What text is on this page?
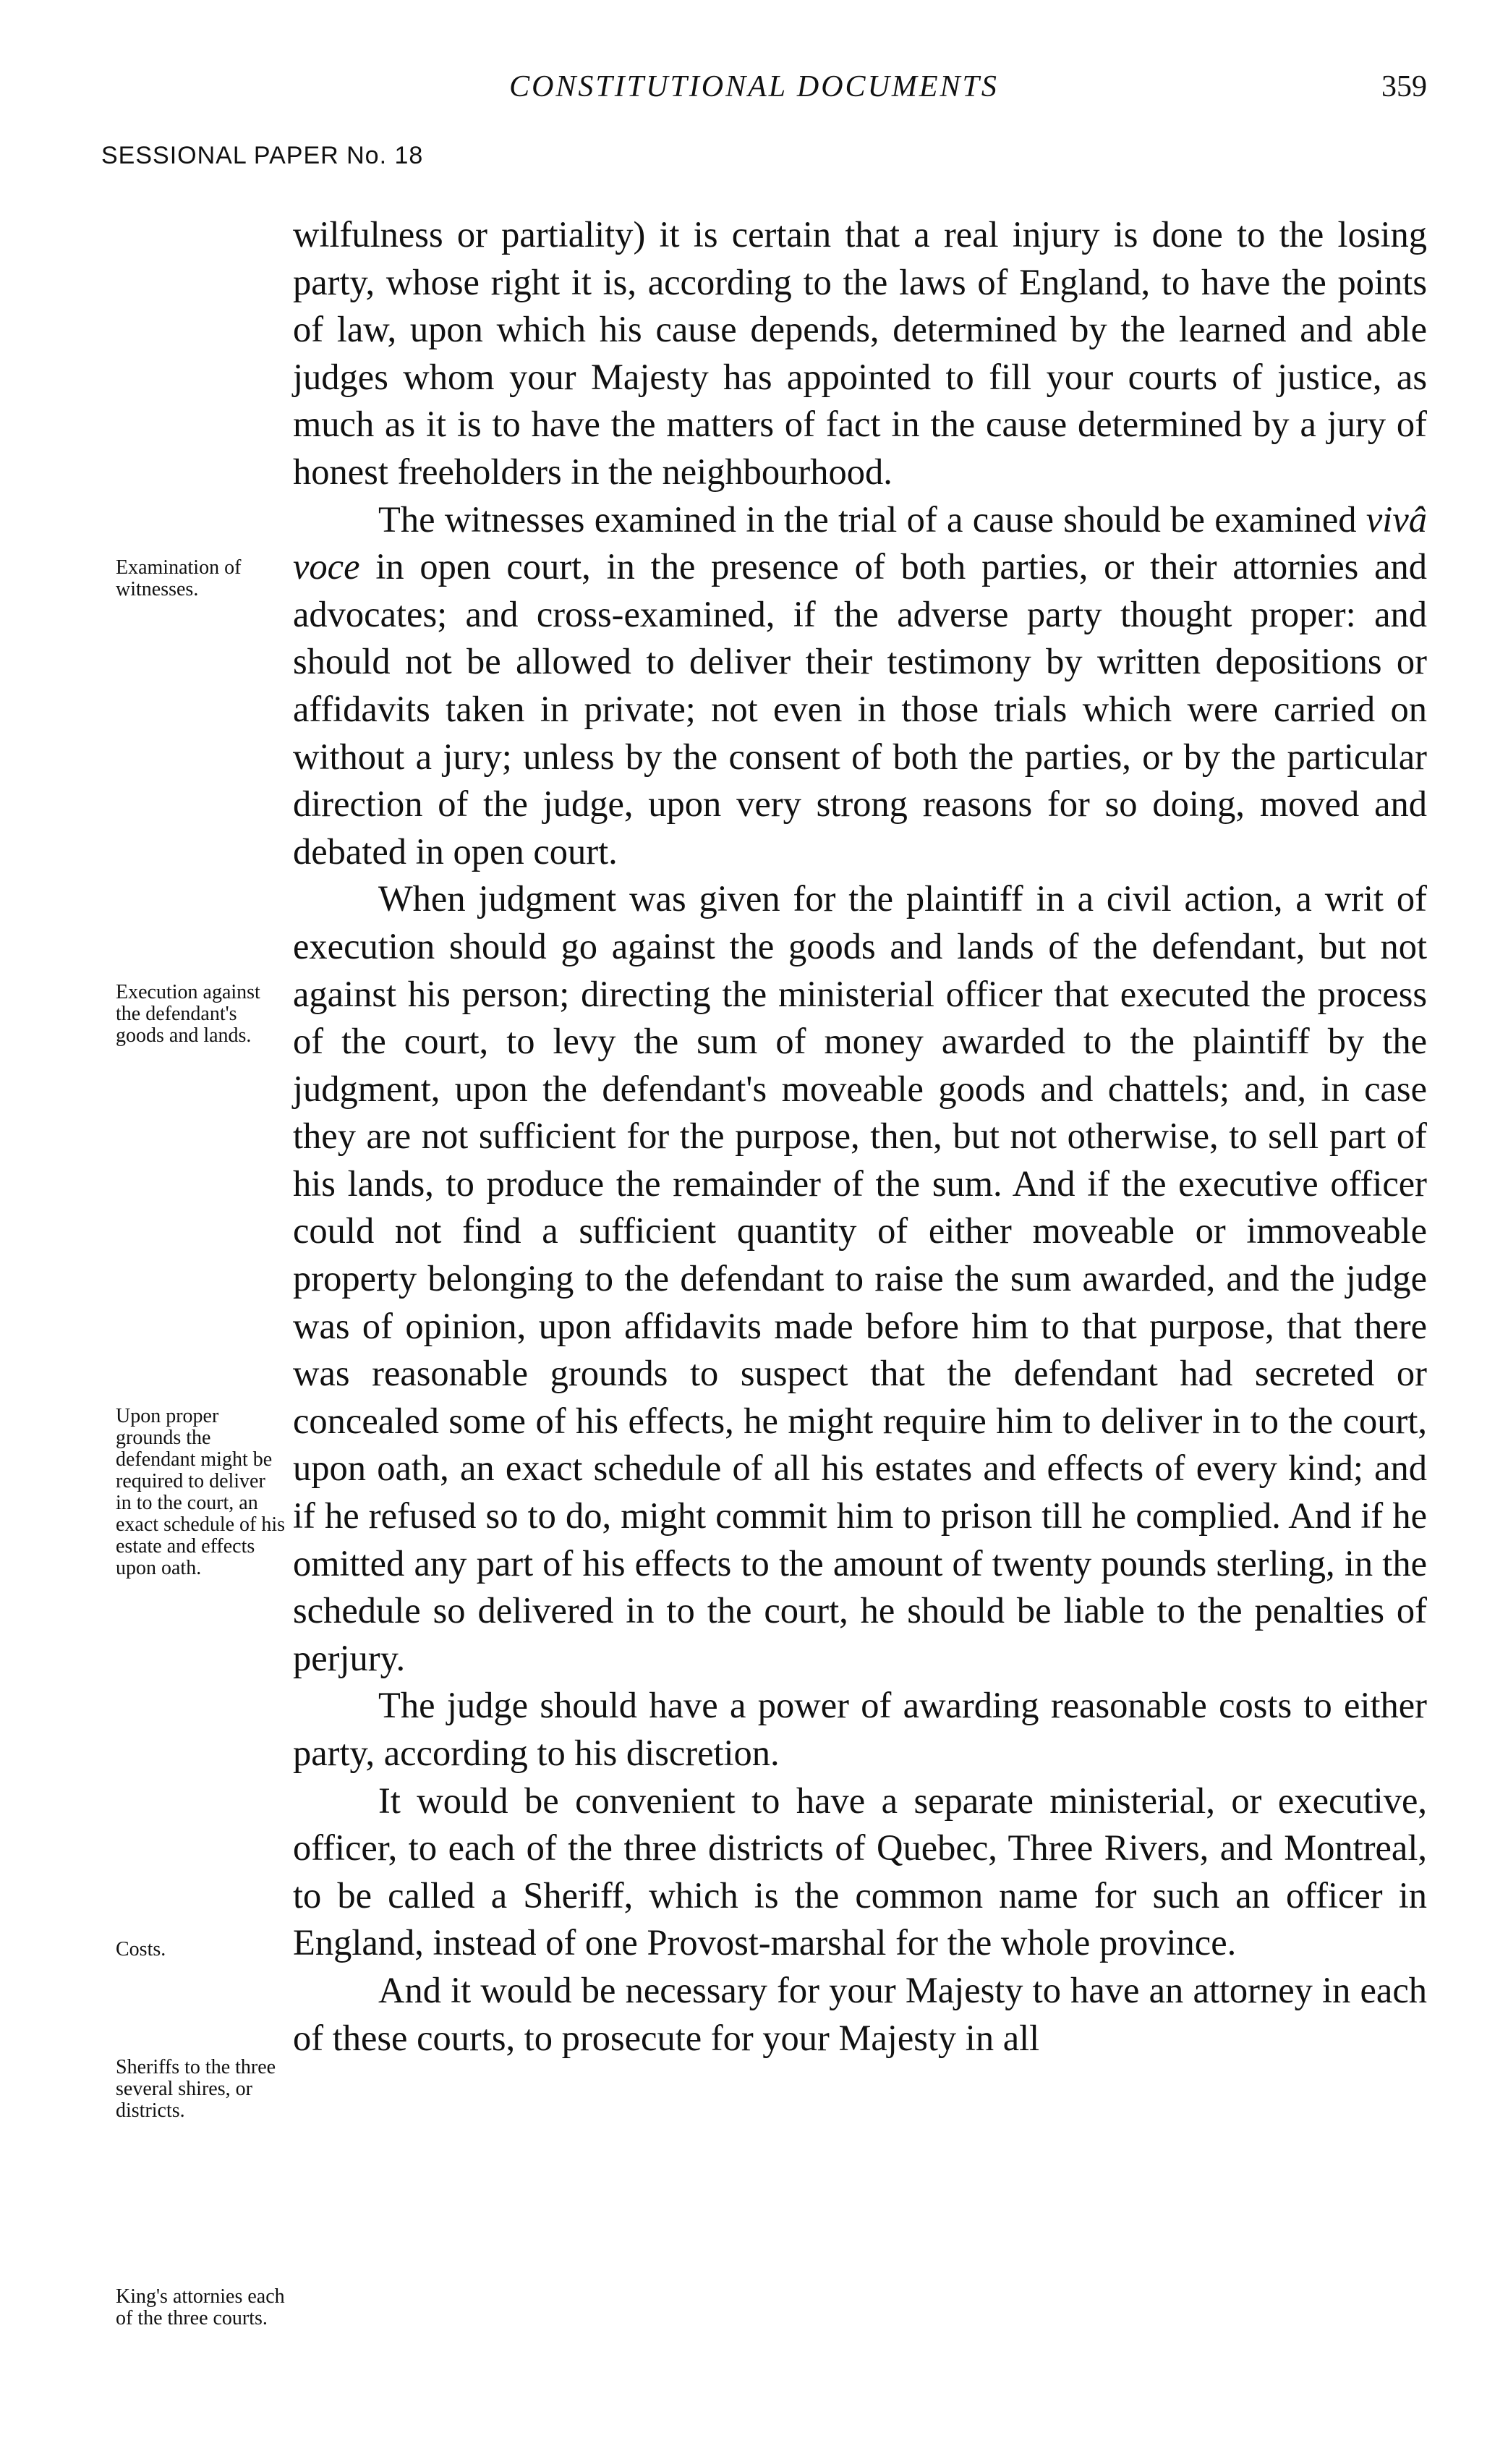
CONSTITUTIONAL DOCUMENTS	359
SESSIONAL PAPER No. 18
Examination of witnesses.
Execution against the defendant's goods and lands.
Upon proper grounds the defendant might be required to deliver in to the court, an exact schedule of his estate and effects upon oath.
Costs.
Sheriffs to the three several shires, or districts.
King's attornies each of the three courts.

wilfulness or partiality) it is certain that a real injury is done to the losing party, whose right it is, according to the laws of England, to have the points of law, upon which his cause depends, determined by the learned and able judges whom your Majesty has appointed to fill your courts of justice, as much as it is to have the matters of fact in the cause determined by a jury of honest freeholders in the neighbourhood.

The witnesses examined in the trial of a cause should be examined vivâ voce in open court, in the presence of both parties, or their attornies and advocates; and cross-examined, if the adverse party thought proper: and should not be allowed to deliver their testimony by written depositions or affidavits taken in private; not even in those trials which were carried on without a jury; unless by the consent of both the parties, or by the particular direction of the judge, upon very strong reasons for so doing, moved and debated in open court.

When judgment was given for the plaintiff in a civil action, a writ of execution should go against the goods and lands of the defendant, but not against his person; directing the ministerial officer that executed the process of the court, to levy the sum of money awarded to the plaintiff by the judgment, upon the defendant's moveable goods and chattels; and, in case they are not sufficient for the purpose, then, but not otherwise, to sell part of his lands, to produce the remainder of the sum. And if the executive officer could not find a sufficient quantity of either moveable or immoveable property belonging to the defendant to raise the sum awarded, and the judge was of opinion, upon affidavits made before him to that purpose, that there was reasonable grounds to suspect that the defendant had secreted or concealed some of his effects, he might require him to deliver in to the court, upon oath, an exact schedule of all his estates and effects of every kind; and if he refused so to do, might commit him to prison till he complied. And if he omitted any part of his effects to the amount of twenty pounds sterling, in the schedule so delivered in to the court, he should be liable to the penalties of perjury.

The judge should have a power of awarding reasonable costs to either party, according to his discretion.

It would be convenient to have a separate ministerial, or executive, officer, to each of the three districts of Quebec, Three Rivers, and Montreal, to be called a Sheriff, which is the common name for such an officer in England, instead of one Provost-marshal for the whole province.

And it would be necessary for your Majesty to have an attorney in each of these courts, to prosecute for your Majesty in all
